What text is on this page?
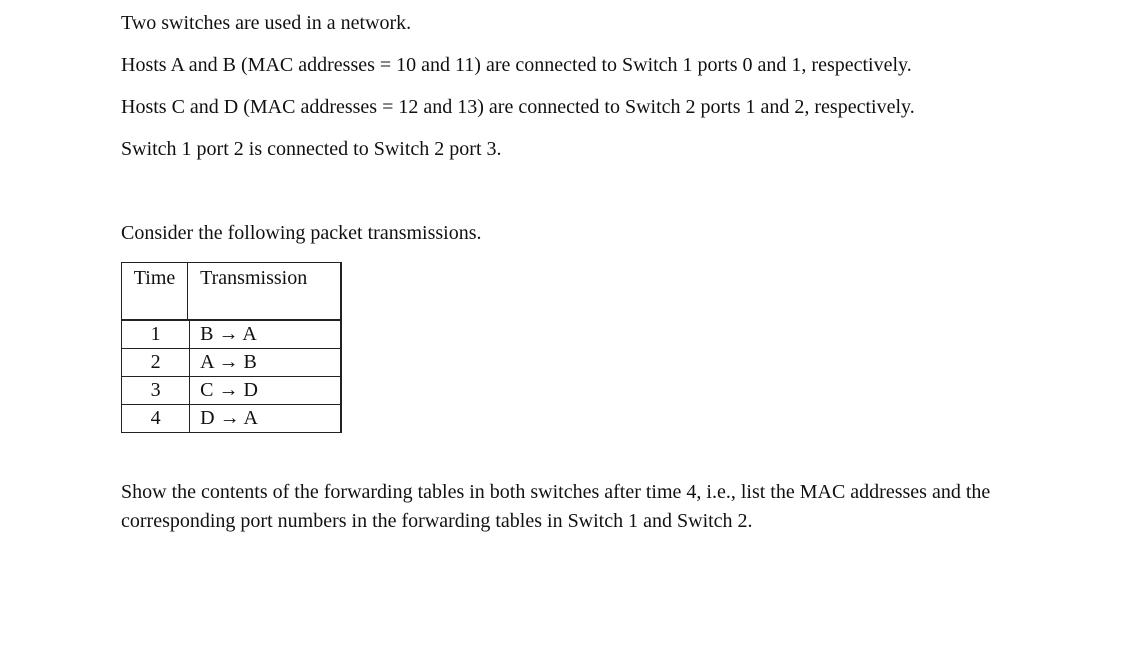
Two switches are used in a network.

Hosts A and B (MAC addresses = 10 and 11) are connected to Switch 1 ports 0 and 1, respectively.

Hosts C and D (MAC addresses = 12 and 13) are connected to Switch 2 ports 1 and 2, respectively.

Switch 1 port 2 is connected to Switch 2 port 3.

Consider the following packet transmissions.

Time	Transmission
1	B → A
2	A → B
3	C → D
4	D → A

Show the contents of the forwarding tables in both switches after time 4, i.e., list the MAC addresses and the corresponding port numbers in the forwarding tables in Switch 1 and Switch 2.
